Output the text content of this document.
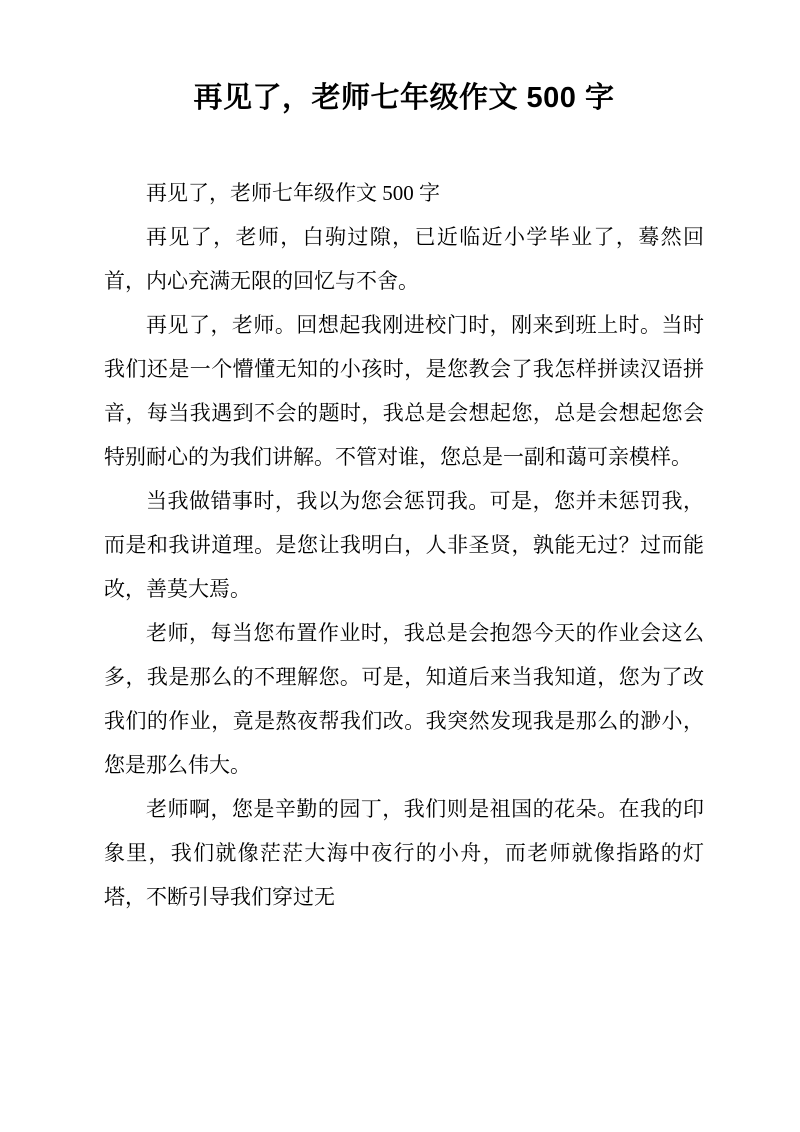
再见了，老师七年级作文 500 字

再见了，老师七年级作文 500 字

再见了，老师，白驹过隙，已近临近小学毕业了，蓦然回首，内心充满无限的回忆与不舍。

再见了，老师。回想起我刚进校门时，刚来到班上时。当时我们还是一个懵懂无知的小孩时，是您教会了我怎样拼读汉语拼音，每当我遇到不会的题时，我总是会想起您，总是会想起您会特别耐心的为我们讲解。不管对谁，您总是一副和蔼可亲模样。

当我做错事时，我以为您会惩罚我。可是，您并未惩罚我，而是和我讲道理。是您让我明白，人非圣贤，孰能无过？过而能改，善莫大焉。

老师，每当您布置作业时，我总是会抱怨今天的作业会这么多，我是那么的不理解您。可是，知道后来当我知道，您为了改我们的作业，竟是熬夜帮我们改。我突然发现我是那么的渺小，您是那么伟大。

老师啊，您是辛勤的园丁，我们则是祖国的花朵。在我的印象里，我们就像茫茫大海中夜行的小舟，而老师就像指路的灯塔，不断引导我们穿过无
